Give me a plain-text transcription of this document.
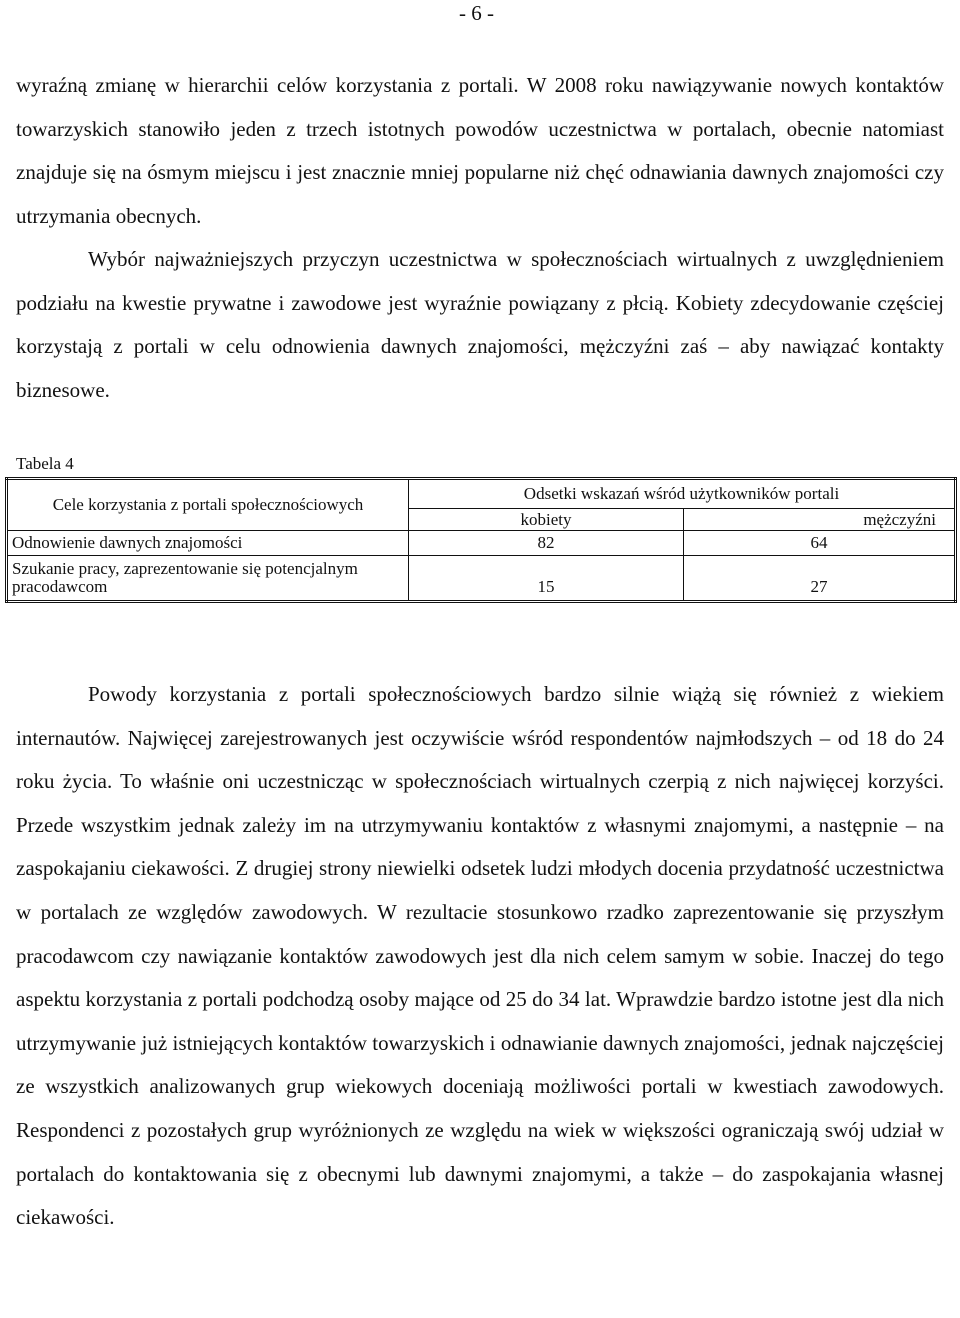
- 6 -

wyraźną zmianę w hierarchii celów korzystania z portali. W 2008 roku nawiązywanie nowych kontaktów towarzyskich stanowiło jeden z trzech istotnych powodów uczestnictwa w portalach, obecnie natomiast znajduje się na ósmym miejscu i jest znacznie mniej popularne niż chęć odnawiania dawnych znajomości czy utrzymania obecnych.

Wybór najważniejszych przyczyn uczestnictwa w społecznościach wirtualnych z uwzględnieniem podziału na kwestie prywatne i zawodowe jest wyraźnie powiązany z płcią. Kobiety zdecydowanie częściej korzystają z portali w celu odnowienia dawnych znajomości, mężczyźni zaś – aby nawiązać kontakty biznesowe.

Tabela 4
Cele korzystania z portali społecznościowych	Odsetki wskazań wśród użytkowników portali	
	kobiety	mężczyźni
Odnowienie dawnych znajomości	82	64
Szukanie pracy, zaprezentowanie się potencjalnym pracodawcom	15	27

Powody korzystania z portali społecznościowych bardzo silnie wiążą się również z wiekiem internautów. Najwięcej zarejestrowanych jest oczywiście wśród respondentów najmłodszych – od 18 do 24 roku życia. To właśnie oni uczestnicząc w społecznościach wirtualnych czerpią z nich najwięcej korzyści. Przede wszystkim jednak zależy im na utrzymywaniu kontaktów z własnymi znajomymi, a następnie – na zaspokajaniu ciekawości. Z drugiej strony niewielki odsetek ludzi młodych docenia przydatność uczestnictwa w portalach ze względów zawodowych. W rezultacie stosunkowo rzadko zaprezentowanie się przyszłym pracodawcom czy nawiązanie kontaktów zawodowych jest dla nich celem samym w sobie. Inaczej do tego aspektu korzystania z portali podchodzą osoby mające od 25 do 34 lat. Wprawdzie bardzo istotne jest dla nich utrzymywanie już istniejących kontaktów towarzyskich i odnawianie dawnych znajomości, jednak najczęściej ze wszystkich analizowanych grup wiekowych doceniają możliwości portali w kwestiach zawodowych. Respondenci z pozostałych grup wyróżnionych ze względu na wiek w większości ograniczają swój udział w portalach do kontaktowania się z obecnymi lub dawnymi znajomymi, a także – do zaspokajania własnej ciekawości.
